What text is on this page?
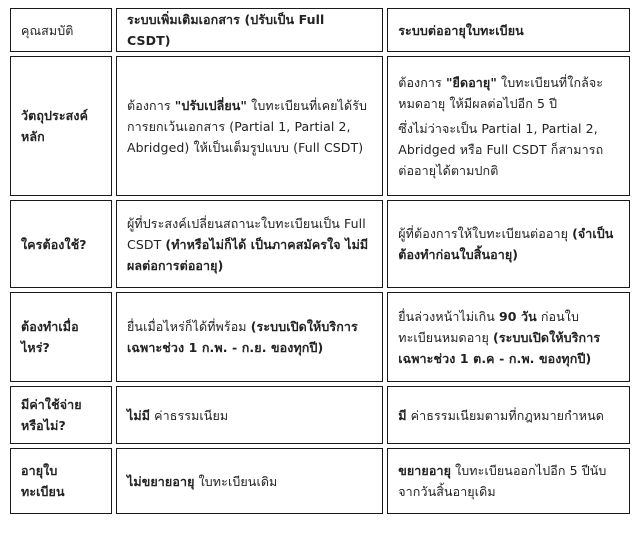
คุณสมบัติ	ระบบเพิ่มเติมเอกสาร (ปรับเป็น Full CSDT)	ระบบต่ออายุใบทะเบียน
วัตถุประสงค์หลัก	ต้องการ "ปรับเปลี่ยน" ใบทะเบียนที่เคยได้รับการยกเว้นเอกสาร (Partial 1, Partial 2, Abridged) ให้เป็นเต็มรูปแบบ (Full CSDT)	ต้องการ "ยืดอายุ" ใบทะเบียนที่ใกล้จะหมดอายุ ให้มีผลต่อไปอีก 5 ปี

ซึ่งไม่ว่าจะเป็น Partial 1, Partial 2, Abridged หรือ Full CSDT ก็สามารถต่ออายุได้ตามปกติ

ใครต้องใช้?	ผู้ที่ประสงค์เปลี่ยนสถานะใบทะเบียนเป็น Full CSDT (ทำหรือไม่ก็ได้ เป็นภาคสมัครใจ ไม่มีผลต่อการต่ออายุ)	ผู้ที่ต้องการให้ใบทะเบียนต่ออายุ (จำเป็นต้องทำก่อนใบสิ้นอายุ)
ต้องทำเมื่อไหร่?	ยื่นเมื่อไหร่ก็ได้ที่พร้อม (ระบบเปิดให้บริการเฉพาะช่วง 1 ก.พ. - ก.ย. ของทุกปี)	ยื่นล่วงหน้าไม่เกิน 90 วัน ก่อนใบทะเบียนหมดอายุ (ระบบเปิดให้บริการเฉพาะช่วง 1 ต.ค - ก.พ. ของทุกปี)
มีค่าใช้จ่ายหรือไม่?	ไม่มี ค่าธรรมเนียม	มี ค่าธรรมเนียมตามที่กฎหมายกำหนด
อายุใบทะเบียน	ไม่ขยายอายุ ใบทะเบียนเดิม	ขยายอายุ ใบทะเบียนออกไปอีก 5 ปีนับจากวันสิ้นอายุเดิม
